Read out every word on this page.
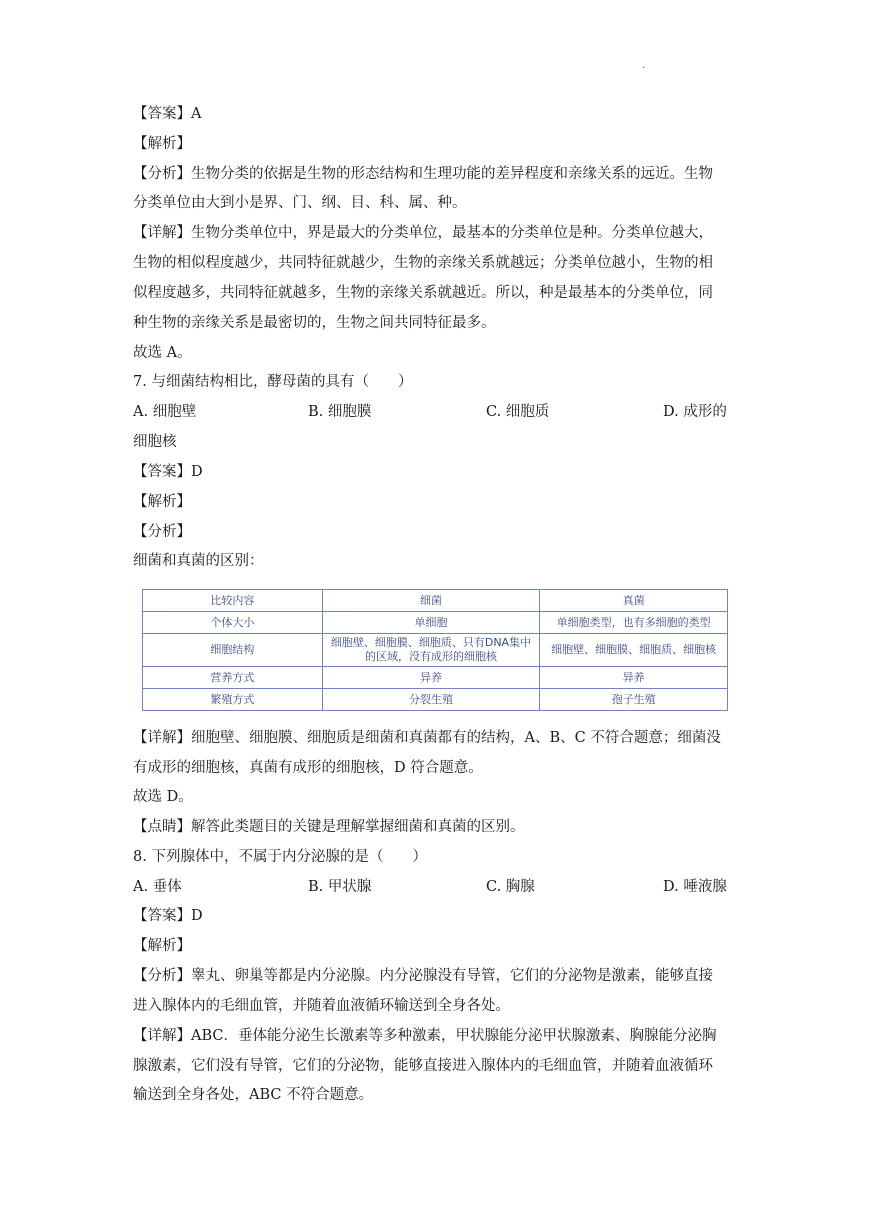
.
【答案】A
【解析】
【分析】生物分类的依据是生物的形态结构和生理功能的差异程度和亲缘关系的远近。生物
分类单位由大到小是界、门、纲、目、科、属、种。
【详解】生物分类单位中，界是最大的分类单位，最基本的分类单位是种。分类单位越大，
生物的相似程度越少，共同特征就越少，生物的亲缘关系就越远；分类单位越小，生物的相
似程度越多，共同特征就越多，生物的亲缘关系就越近。所以，种是最基本的分类单位，同
种生物的亲缘关系是最密切的，生物之间共同特征最多。
故选 A。
7. 与细菌结构相比，酵母菌的具有（　　）
A. 细胞壁	B. 细胞膜	C. 细胞质	D. 成形的
细胞核
【答案】D
【解析】
【分析】
细菌和真菌的区别：
比较内容	细菌	真菌
个体大小	单细胞	单细胞类型，也有多细胞的类型
细胞结构	细胞壁、细胞膜、细胞质、只有DNA集中的区域，没有成形的细胞核	细胞壁、细胞膜、细胞质、细胞核
营养方式	异养	异养
繁殖方式	分裂生殖	孢子生殖
【详解】细胞壁、细胞膜、细胞质是细菌和真菌都有的结构，A、B、C 不符合题意；细菌没
有成形的细胞核，真菌有成形的细胞核，D 符合题意。
故选 D。
【点睛】解答此类题目的关键是理解掌握细菌和真菌的区别。
8. 下列腺体中，不属于内分泌腺的是（　　）
A. 垂体	B. 甲状腺	C. 胸腺	D. 唾液腺
【答案】D
【解析】
【分析】睾丸、卵巢等都是内分泌腺。内分泌腺没有导管，它们的分泌物是激素，能够直接
进入腺体内的毛细血管，并随着血液循环输送到全身各处。
【详解】ABC．垂体能分泌生长激素等多种激素，甲状腺能分泌甲状腺激素、胸腺能分泌胸
腺激素，它们没有导管，它们的分泌物，能够直接进入腺体内的毛细血管，并随着血液循环
输送到全身各处，ABC 不符合题意。
